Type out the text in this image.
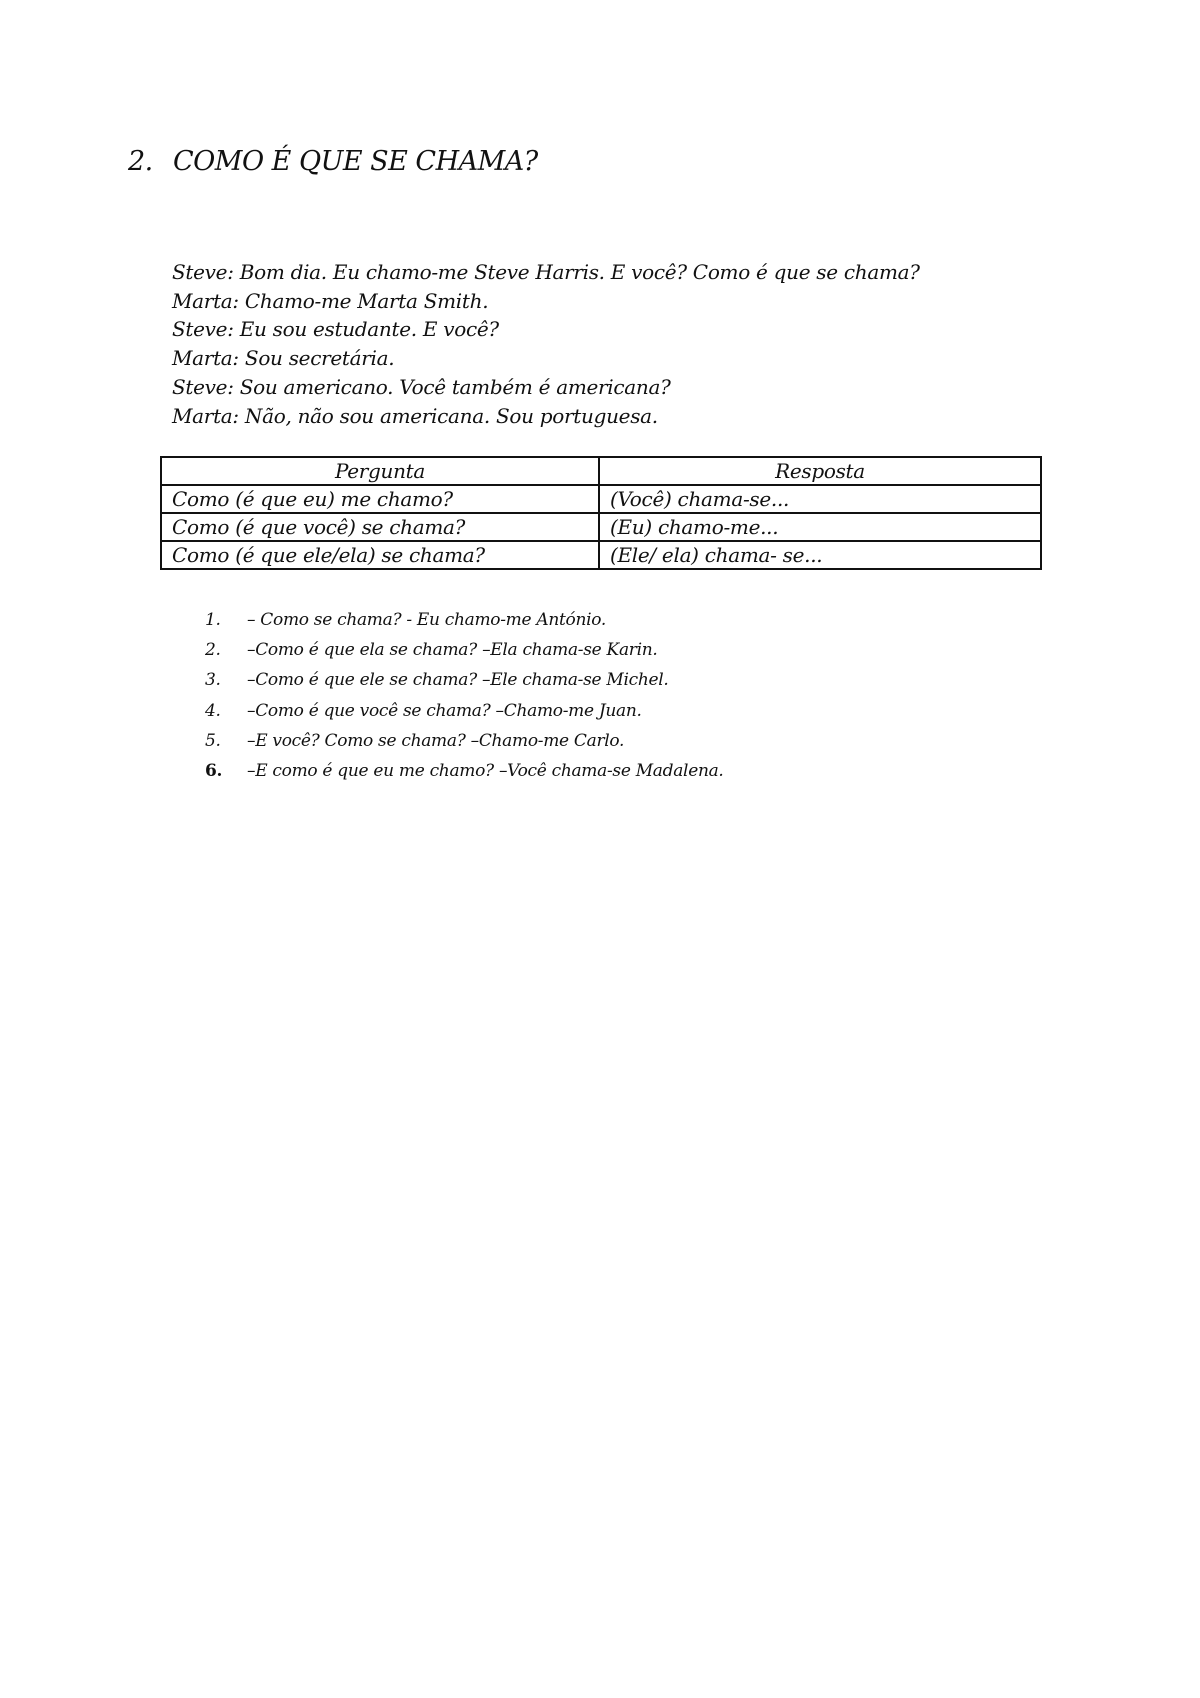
2. COMO É QUE SE CHAMA?
Steve: Bom dia. Eu chamo-me Steve Harris. E você? Como é que se chama?
Marta: Chamo-me Marta Smith.
Steve: Eu sou estudante. E você?
Marta: Sou secretária.
Steve: Sou americano. Você também é americana?
Marta: Não, não sou americana. Sou portuguesa.
Pergunta	Resposta
Como (é que eu) me chamo?	(Você) chama-se...
Como (é que você) se chama?	(Eu) chamo-me...
Como (é que ele/ela) se chama?	(Ele/ ela) chama- se...
1. – Como se chama? - Eu chamo-me António.
2. –Como é que ela se chama? –Ela chama-se Karin.
3. –Como é que ele se chama? –Ele chama-se Michel.
4. –Como é que você se chama? –Chamo-me Juan.
5. –E você? Como se chama? –Chamo-me Carlo.
6. –E como é que eu me chamo? –Você chama-se Madalena.
